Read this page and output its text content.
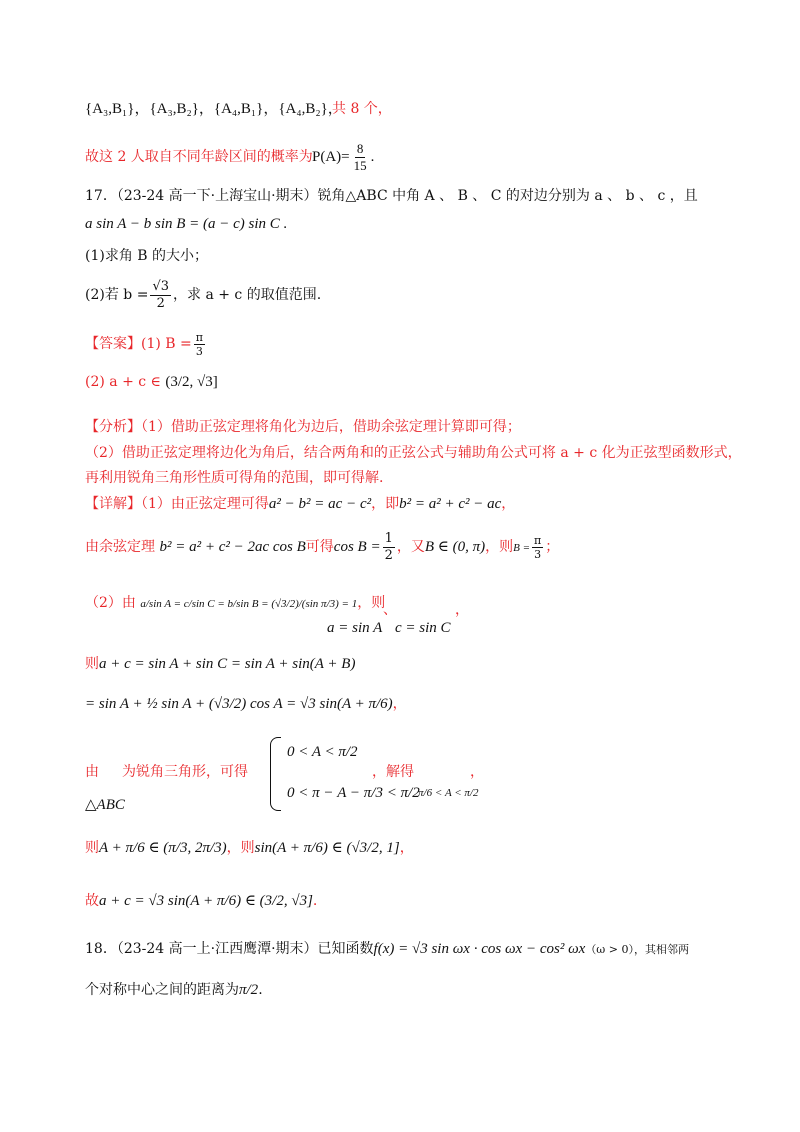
{A₃,B₁}，{A₃,B₂}，{A₄,B₁}，{A₄,B₂}，
共 8 个，
故这 2 人取自不同年龄区间的概率为 $P(A)= \frac{8}{15}$ .
17．（23-24 高一下·上海宝山·期末）锐角△ABC 中角 A 、 B 、 C 的对边分别为 a 、 b 、 c ，且
a sin A − b sin B = (a − c) sin C .
(1)求角 B 的大小；
(2)若 $b = \frac{√3}{2}$ ，求 a + c 的取值范围.
【答案】(1) $B = \frac{\pi}{3}$
(2) a + c ∈ (3/2, √3]
【分析】（1）借助正弦定理将角化为边后，借助余弦定理计算即可得；
（2）借助正弦定理将边化为角后，结合两角和的正弦公式与辅助角公式可将 a + c 化为正弦型函数形式，
再利用锐角三角形性质可得角的范围，即可得解.
【详解】（1）由正弦定理可得a² − b² = ac − c²，即b² = a² + c² − ac，
由余弦定理 b² = a² + c² − 2ac cos B可得$\cos B = \frac{1}{2}$ ，又B ∈ (0, π)，则$B = \frac{\pi}{3}$ ；
（2）由 a/sin A = c/sin C = b/sin B = (√3/2)/(sin π/3) = 1，则
a = sin A
、
c = sin C
，
则a + c = sin A + sin C = sin A + sin(A + B)
= sin A + ½ sin A + (√3/2) cos A = √3 sin(A + π/6)，
由
△ABC
为锐角三角形，可得
0 < A < π/2
0 < π − A − π/3 < π/2
，解得
π/6 < A < π/2
，
则A + π/6 ∈ (π/3, 2π/3)，则sin(A + π/6) ∈ (√3/2, 1]，
故a + c = √3 sin(A + π/6) ∈ (3/2, √3].
18．（23-24 高一上·江西鹰潭·期末）已知函数f(x) = √3 sin ωx · cos ωx − cos² ωx（ω > 0），其相邻两
个对称中心之间的距离为π/2.
